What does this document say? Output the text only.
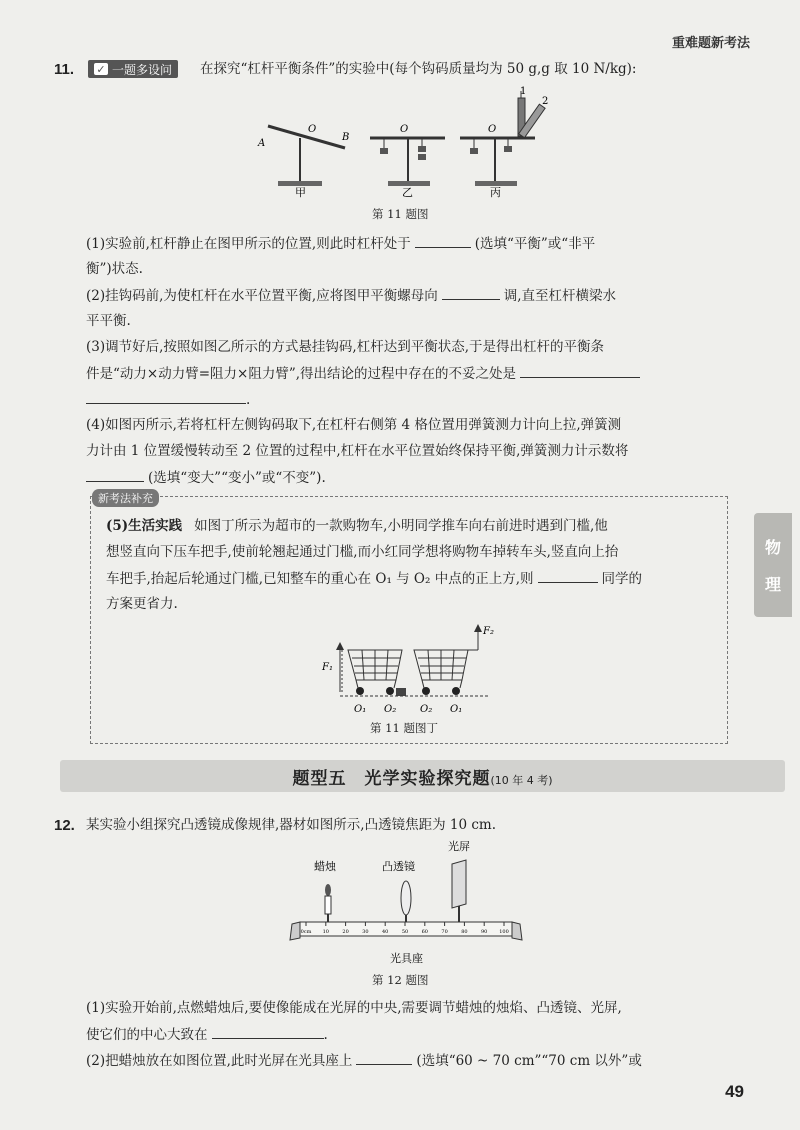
重难题新考法
物
理
11. ✓ 一题多设问 在探究“杠杆平衡条件”的实验中(每个钩码质量均为 50 g,g 取 10 N/kg):
A
B
O
甲
O
乙
O
1
2
丙
第 11 题图
(1)实验前,杠杆静止在图甲所示的位置,则此时杠杆处于	(选填“平衡”或“非平
衡”)状态.
(2)挂钩码前,为使杠杆在水平位置平衡,应将图甲平衡螺母向	调,直至杠杆横梁水
平平衡.
(3)调节好后,按照如图乙所示的方式悬挂钩码,杠杆达到平衡状态,于是得出杠杆的平衡条
件是“动力×动力臂=阻力×阻力臂”,得出结论的过程中存在的不妥之处是
.
(4)如图丙所示,若将杠杆左侧钩码取下,在杠杆右侧第 4 格位置用弹簧测力计向上拉,弹簧测
力计由 1 位置缓慢转动至 2 位置的过程中,杠杆在水平位置始终保持平衡,弹簧测力计示数将
(选填“变大”“变小”或“不变”).
新考法补充
(5)生活实践 如图丁所示为超市的一款购物车,小明同学推车向右前进时遇到门槛,他
想竖直向下压车把手,使前轮翘起通过门槛,而小红同学想将购物车掉转车头,竖直向上抬
车把手,抬起后轮通过门槛,已知整车的重心在 O₁ 与 O₂ 中点的正上方,则	同学的
方案更省力.
F₁
F₂
O₁ O₂ O₂ O₁
第 11 题图丁
题型五 光学实验探究题(10 年 4 考)
12. 某实验小组探究凸透镜成像规律,器材如图所示,凸透镜焦距为 10 cm.
蜡烛	凸透镜
光屏
0cm 10	20	30	40	50	60	70	80	90 100
光具座
第 12 题图
(1)实验开始前,点燃蜡烛后,要使像能成在光屏的中央,需要调节蜡烛的烛焰、凸透镜、光屏,
使它们的中心大致在	.
(2)把蜡烛放在如图位置,此时光屏在光具座上	(选填“60 ~ 70 cm”“70 cm 以外”或
49
